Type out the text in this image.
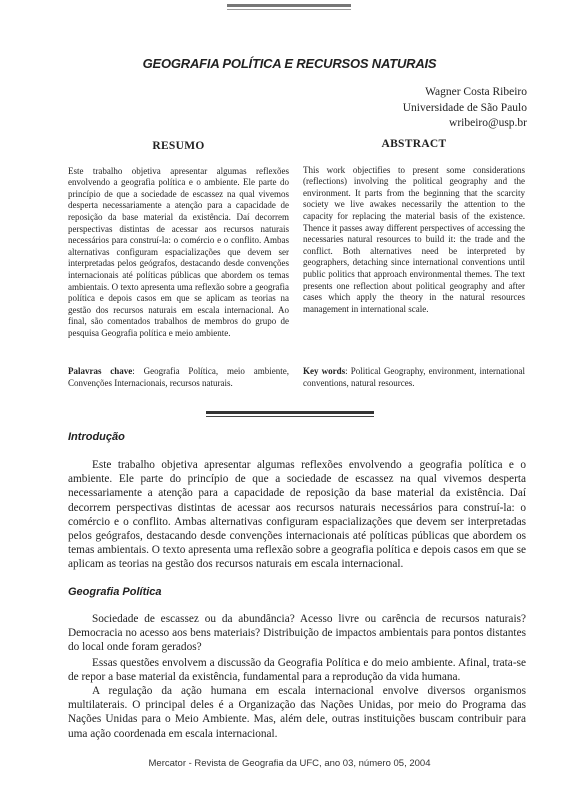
GEOGRAFIA POLÍTICA E RECURSOS NATURAIS
Wagner Costa Ribeiro
Universidade de São Paulo
wribeiro@usp.br
RESUMO

Este trabalho objetiva apresentar algumas reflexões envolvendo a geografia política e o ambiente. Ele parte do princípio de que a sociedade de escassez na qual vivemos desperta necessariamente a atenção para a capacidade de reposição da base material da existência. Daí decorrem perspectivas distintas de acessar aos recursos naturais necessários para construí-la: o comércio e o conflito. Ambas alternativas configuram espacializações que devem ser interpretadas pelos geógrafos, destacando desde convenções internacionais até políticas públicas que abordem os temas ambientais. O texto apresenta uma reflexão sobre a geografia política e depois casos em que se aplicam as teorias na gestão dos recursos naturais em escala internacional. Ao final, são comentados trabalhos de membros do grupo de pesquisa Geografia política e meio ambiente.

Palavras chave: Geografia Política, meio ambiente, Convenções Internacionais, recursos naturais.
ABSTRACT

This work objectifies to present some considerations (reflections) involving the political geography and the environment. It parts from the beginning that the scarcity society we live awakes necessarily the attention to the capacity for replacing the material basis of the existence. Thence it passes away different perspectives of accessing the necessaries natural resources to build it: the trade and the conflict. Both alternatives need be interpreted by geographers, detaching since international conventions until public politics that approach environmental themes. The text presents one reflection about political geography and after cases which apply the theory in the natural resources management in international scale.

Key words: Political Geography, environment, international conventions, natural resources.
Introdução

Este trabalho objetiva apresentar algumas reflexões envolvendo a geografia política e o ambiente. Ele parte do princípio de que a sociedade de escassez na qual vivemos desperta necessariamente a atenção para a capacidade de reposição da base material da existência. Daí decorrem perspectivas distintas de acessar aos recursos naturais necessários para construí-la: o comércio e o conflito. Ambas alternativas configuram espacializações que devem ser interpretadas pelos geógrafos, destacando desde convenções internacionais até políticas públicas que abordem os temas ambientais. O texto apresenta uma reflexão sobre a geografia política e depois casos em que se aplicam as teorias na gestão dos recursos naturais em escala internacional.

Geografia Política

Sociedade de escassez ou da abundância? Acesso livre ou carência de recursos naturais? Democracia no acesso aos bens materiais? Distribuição de impactos ambientais para pontos distantes do local onde foram gerados?

Essas questões envolvem a discussão da Geografia Política e do meio ambiente. Afinal, trata-se de repor a base material da existência, fundamental para a reprodução da vida humana.

A regulação da ação humana em escala internacional envolve diversos organismos multilaterais. O principal deles é a Organização das Nações Unidas, por meio do Programa das Nações Unidas para o Meio Ambiente. Mas, além dele, outras instituições buscam contribuir para uma ação coordenada em escala internacional.

Mercator - Revista de Geografia da UFC, ano 03, número 05, 2004
